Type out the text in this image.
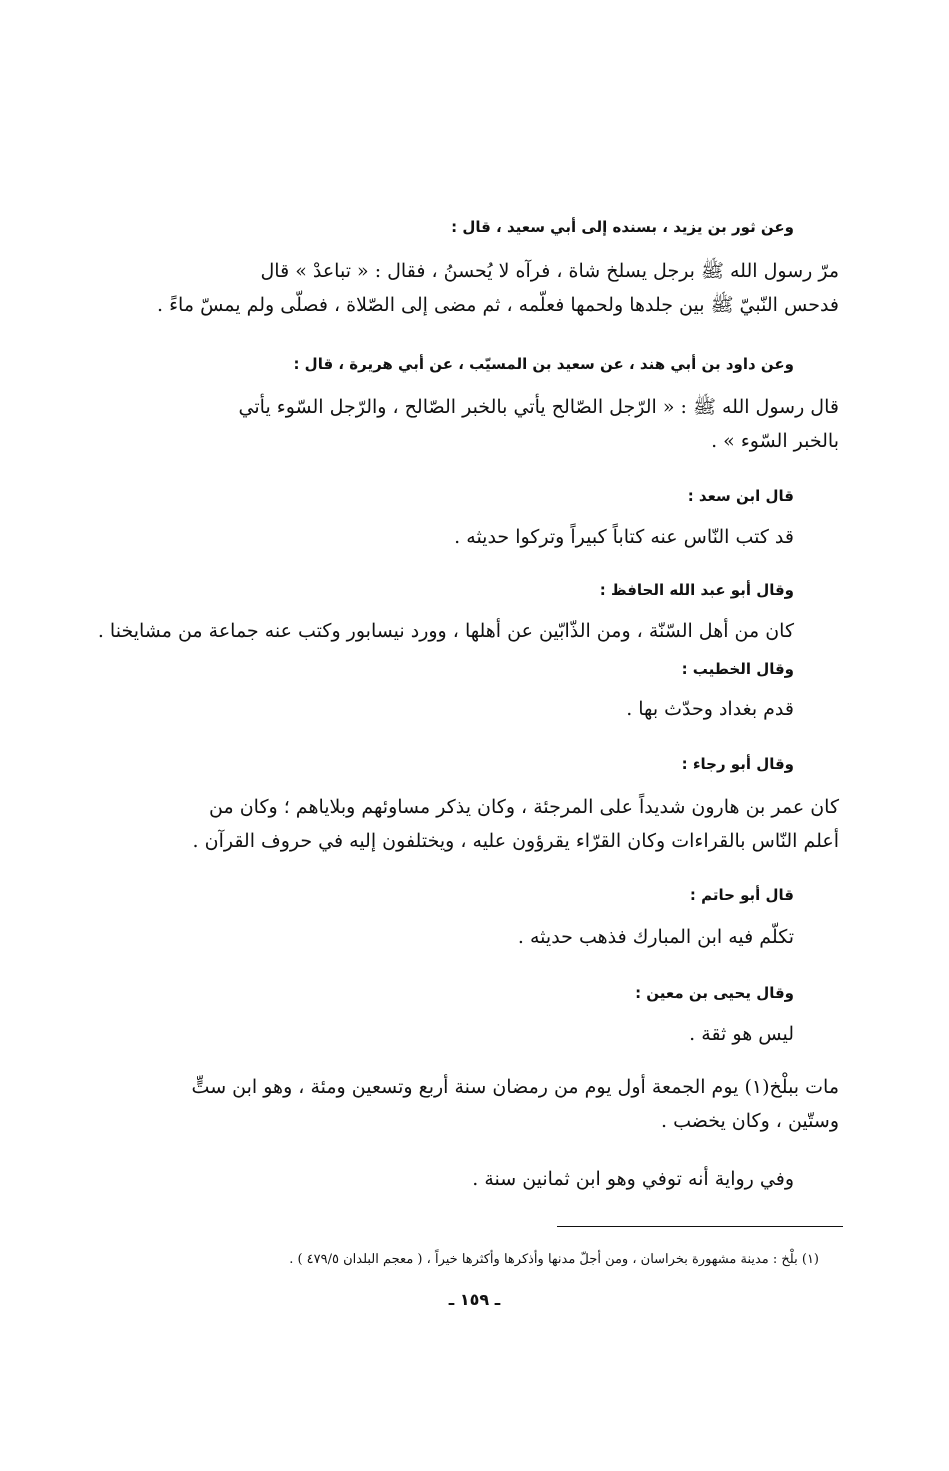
وعن ثور بن يزيد ، بسنده إلى أبي سعيد ، قال :
مرّ رسول الله ﷺ برجل يسلخ شاة ، فرآه لا يُحسنُ ، فقال : « تباعدْ » قال
فدحس النّبيّ ﷺ بين جلدها ولحمها فعلّمه ، ثم مضى إلى الصّلاة ، فصلّى ولم يمسّ ماءً .
وعن داود بن أبي هند ، عن سعيد بن المسيّب ، عن أبي هريرة ، قال :
قال رسول الله ﷺ : « الرّجل الصّالح يأتي بالخبر الصّالح ، والرّجل السّوء يأتي
بالخبر السّوء » .
قال ابن سعد :
قد كتب النّاس عنه كتاباً كبيراً وتركوا حديثه .
وقال أبو عبد الله الحافظ :
كان من أهل السّنّة ، ومن الذّابّين عن أهلها ، وورد نيسابور وكتب عنه جماعة من مشايخنا .
وقال الخطيب :
قدم بغداد وحدّث بها .
وقال أبو رجاء :
كان عمر بن هارون شديداً على المرجئة ، وكان يذكر مساوئهم وبلاياهم ؛ وكان من
أعلم النّاس بالقراءات وكان القرّاء يقرؤون عليه ، ويختلفون إليه في حروف القرآن .
قال أبو حاتم :
تكلّم فيه ابن المبارك فذهب حديثه .
وقال يحيى بن معين :
ليس هو ثقة .
مات ببلْخ(١) يوم الجمعة أول يوم من رمضان سنة أربع وتسعين ومئة ، وهو ابن ستٍّ
وستّين ، وكان يخضب .
وفي رواية أنه توفي وهو ابن ثمانين سنة .
(١) بلْخ : مدينة مشهورة بخراسان ، ومن أجلّ مدنها وأذكرها وأكثرها خيراً ، ( معجم البلدان ٤٧٩/٥ ) .
ـ ١٥٩ ـ
